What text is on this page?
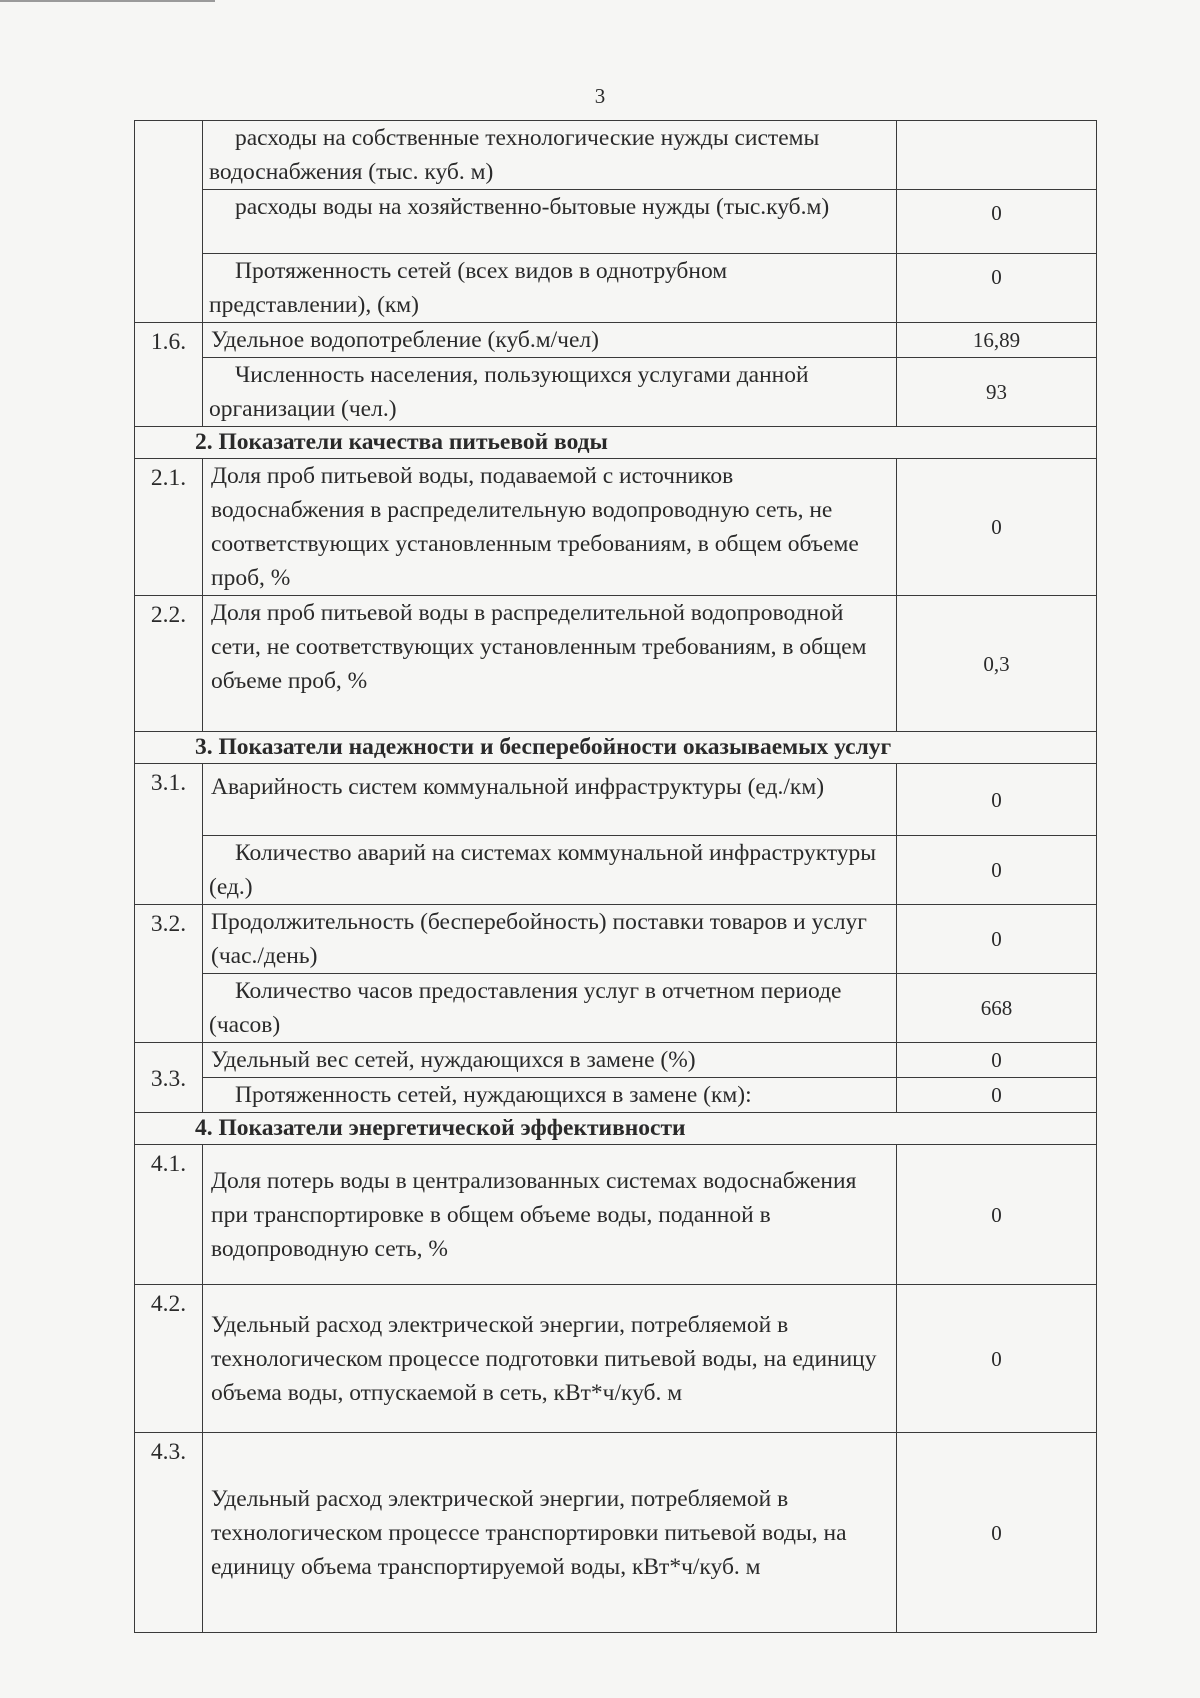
3
	расходы на собственные технологические нужды системы водоснабжения (тыс. куб. м)	
	расходы воды на хозяйственно-бытовые нужды (тыс.куб.м)	0
	Протяженность сетей (всех видов в однотрубном представлении), (км)	0
1.6.	Удельное водопотребление (куб.м/чел)	16,89
	Численность населения, пользующихся услугами данной организации (чел.)	93
2. Показатели качества питьевой воды		
2.1.	Доля проб питьевой воды, подаваемой с источников водоснабжения в распределительную водопроводную сеть, не соответствующих установленным требованиям, в общем объеме проб, %	0
2.2.	Доля проб питьевой воды в распределительной водопроводной сети, не соответствующих установленным требованиям, в общем объеме проб, %	0,3
3. Показатели надежности и бесперебойности оказываемых услуг		
3.1.	Аварийность систем коммунальной инфраструктуры (ед./км)	0
	Количество аварий на системах коммунальной инфраструктуры (ед.)	0
3.2.	Продолжительность (бесперебойность) поставки товаров и услуг (час./день)	0
	Количество часов предоставления услуг в отчетном периоде (часов)	668
3.3.	Удельный вес сетей, нуждающихся в замене (%)	0
	Протяженность сетей, нуждающихся в замене (км):	0
4. Показатели энергетической эффективности		
4.1.	Доля потерь воды в централизованных системах водоснабжения при транспортировке в общем объеме воды, поданной в водопроводную сеть, %	0
4.2.	Удельный расход электрической энергии, потребляемой в технологическом процессе подготовки питьевой воды, на единицу объема воды, отпускаемой в сеть, кВт*ч/куб. м	0
4.3.	Удельный расход электрической энергии, потребляемой в технологическом процессе транспортировки питьевой воды, на единицу объема транспортируемой воды, кВт*ч/куб. м	0
